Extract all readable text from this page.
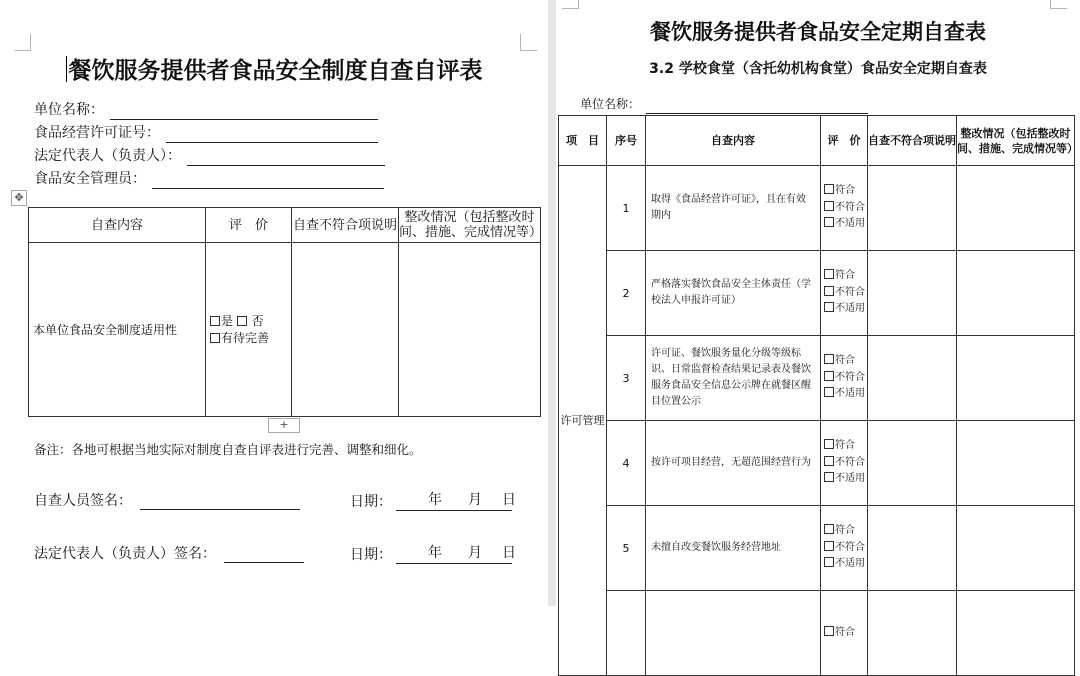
餐饮服务提供者食品安全制度自查自评表
单位名称：
食品经营许可证号：
法定代表人（负责人）：
食品安全管理员：
✥
自查内容	评　价	自查不符合项说明	整改情况（包括整改时间、措施、完成情况等）
本单位食品安全制度适用性	是 否
有待完善		

+
备注：各地可根据当地实际对制度自查自评表进行完善、调整和细化。
自查人员签名：	日期：	年 月 日
法定代表人（负责人）签名：	日期：	年 月 日
餐饮服务提供者食品安全定期自查表
3.2 学校食堂（含托幼机构食堂）食品安全定期自查表
单位名称：
项　目	序号	自查内容	评　价	自查不符合项说明	整改情况（包括整改时间、措施、完成情况等）
许可管理	1	取得《食品经营许可证》，且在有效期内	符合
不符合
不适用		

	2	严格落实餐饮食品安全主体责任（学校法人申报许可证）	符合
不符合
不适用		

	3	许可证、餐饮服务量化分级等级标识、日常监督检查结果记录表及餐饮服务食品安全信息公示牌在就餐区醒目位置公示	符合
不符合
不适用		

	4	按许可项目经营，无超范围经营行为	符合
不符合
不适用		

	5	未擅自改变餐饮服务经营地址	符合
不符合
不适用		

			符合		
